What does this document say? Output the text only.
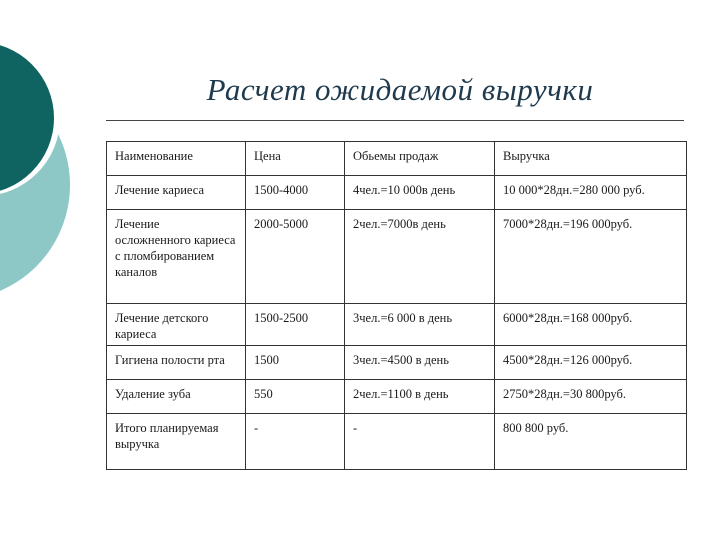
Расчет ожидаемой выручки
Наименование	Цена	Обьемы продаж	Выручка
Лечение кариеса	1500-4000	4чел.=10 000в день	10 000*28дн.=280 000 руб.
Лечение осложненного кариеса с пломбированием каналов	2000-5000	2чел.=7000в день	7000*28дн.=196 000руб.
Лечение детского кариеса	1500-2500	3чел.=6 000 в день	6000*28дн.=168 000руб.
Гигиена полости рта	1500	3чел.=4500 в день	4500*28дн.=126 000руб.
Удаление зуба	550	2чел.=1100 в день	2750*28дн.=30 800руб.
Итого планируемая выручка	-	-	800 800 руб.
